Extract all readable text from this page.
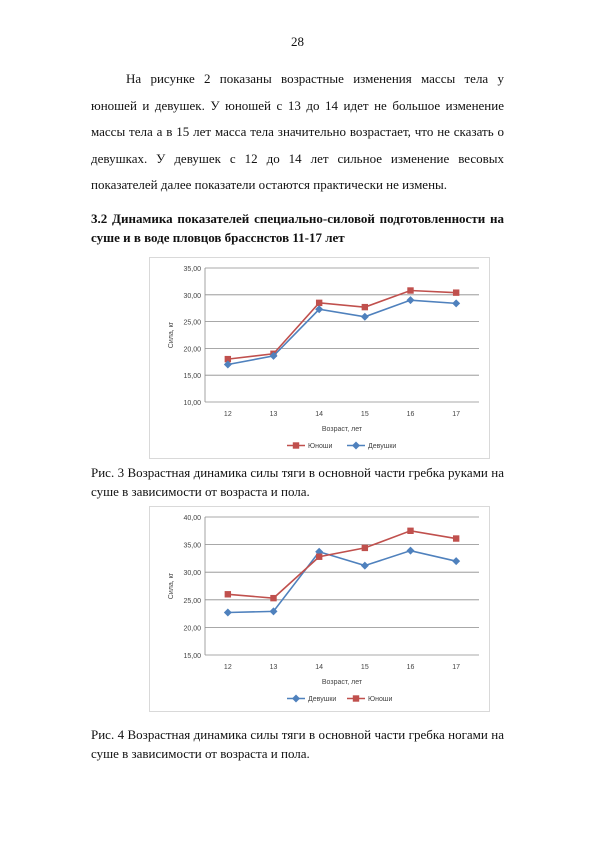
28

На рисунке 2 показаны возрастные изменения массы тела у юношей и девушек. У юношей с 13 до 14 идет не большое изменение массы тела а в 15 лет масса тела значительно возрастает, что не сказать о девушках. У девушек с 12 до 14 лет сильное изменение весовых показателей далее показатели остаются практически не измены.

3.2 Динамика показателей специально-силовой подготовленности на суше и в воде пловцов брасснстов 11-17 лет

10,00
15,00
20,00
25,00
30,00
35,00
12	13	14	15	16	17
Возраст, лет
Сила, кг
Юноши	Девушки

Рис. 3 Возрастная динамика силы тяги в основной части гребка руками на суше в зависимости от возраста и пола.

15,00
20,00
25,00
30,00
35,00
40,00
12	13	14	15	16	17
Возраст, лет
Сила, кг
Девушки	Юноши

Рис. 4 Возрастная динамика силы тяги в основной части гребка ногами на суше в зависимости от возраста и пола.
